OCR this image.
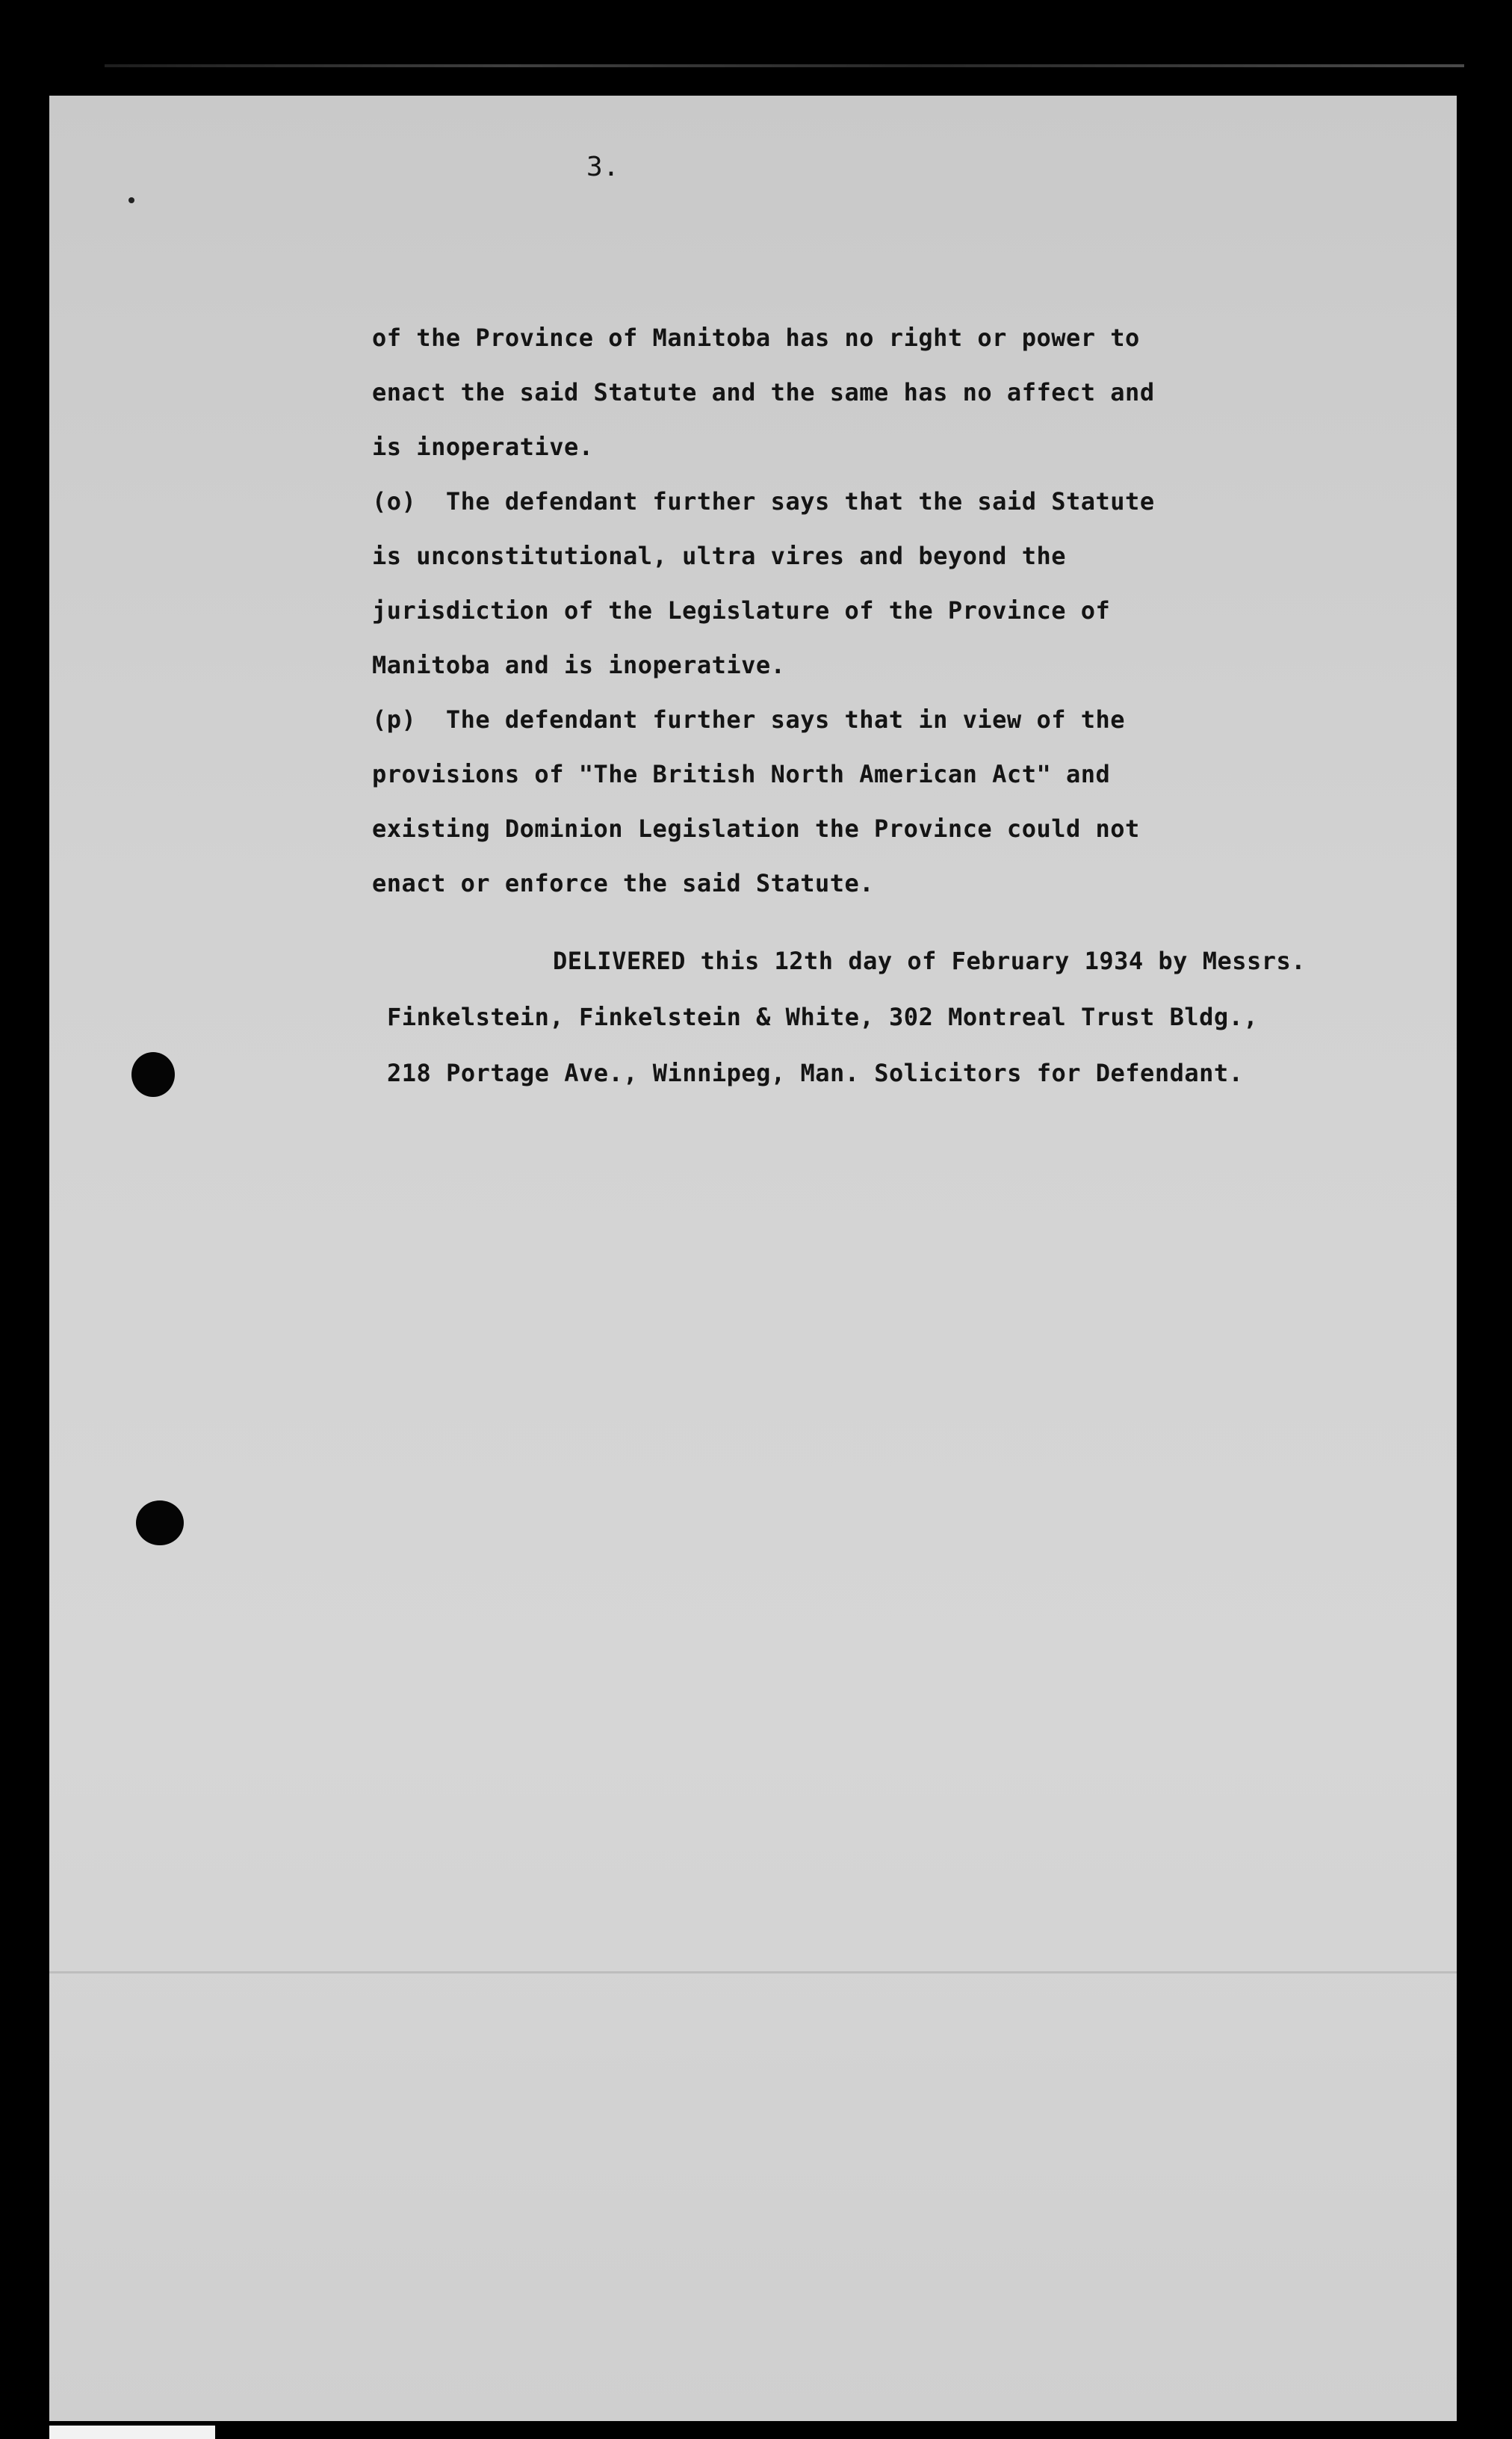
3.
of the Province of Manitoba has no right or power to
enact the said Statute and the same has no affect and
is inoperative.
(o)  The defendant further says that the said Statute
is unconstitutional, ultra vires and beyond the
jurisdiction of the Legislature of the Province of
Manitoba and is inoperative.
(p)  The defendant further says that in view of the
provisions of "The British North American Act" and
existing Dominion Legislation the Province could not
enact or enforce the said Statute.
DELIVERED this 12th day of February 1934 by Messrs.
Finkelstein, Finkelstein & White, 302 Montreal Trust Bldg.,
218 Portage Ave., Winnipeg, Man. Solicitors for Defendant.
